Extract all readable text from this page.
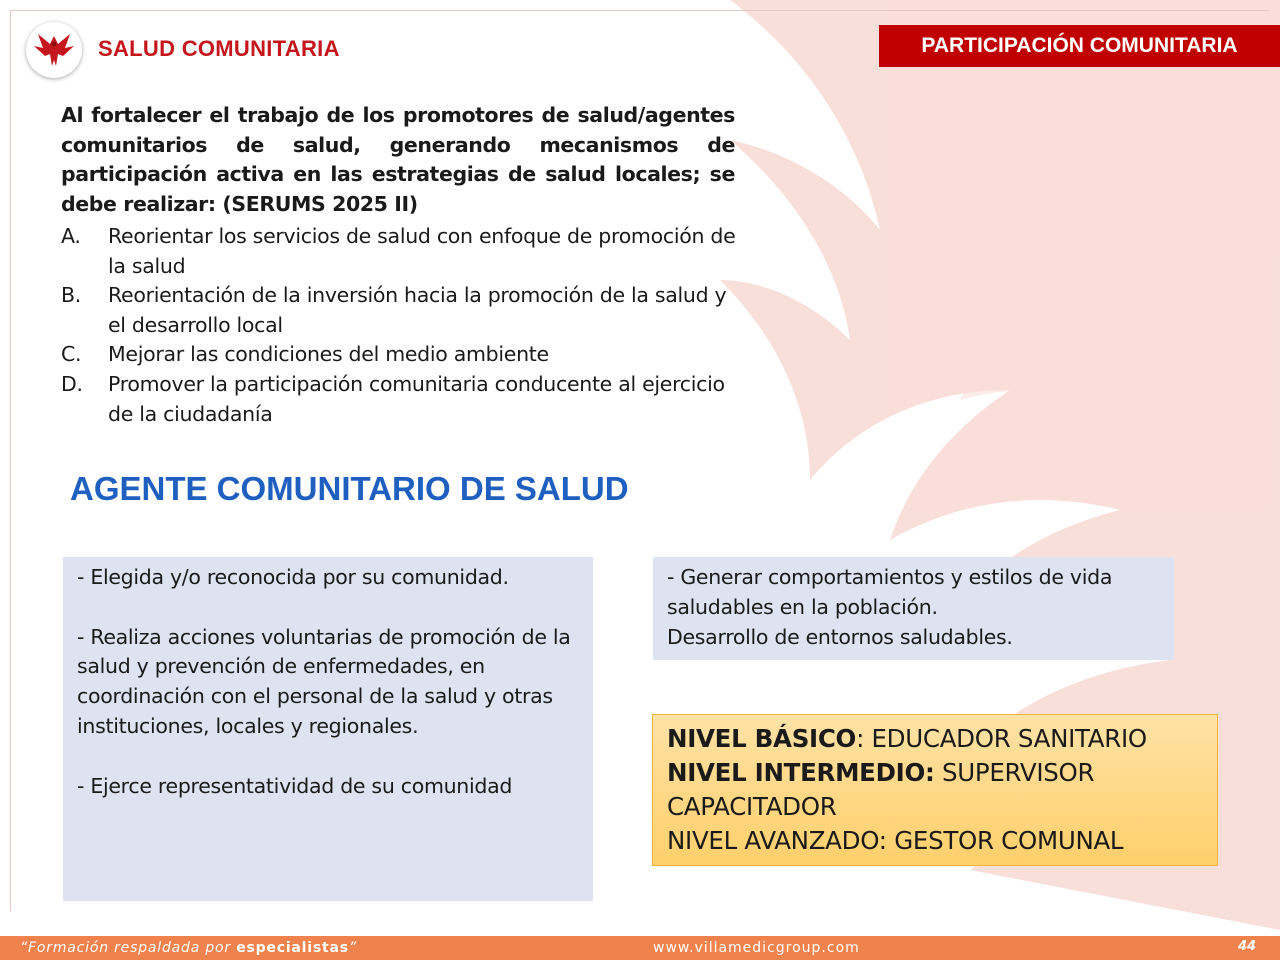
SALUD COMUNITARIA	PARTICIPACIÓN COMUNITARIA
Al fortalecer el trabajo de los promotores de salud/agentes comunitarios de salud, generando mecanismos de participación activa en las estrategias de salud locales; se debe realizar: (SERUMS 2025 II)
A.	Reorientar los servicios de salud con enfoque de promoción de la salud
B.	Reorientación de la inversión hacia la promoción de la salud y el desarrollo local
C.	Mejorar las condiciones del medio ambiente
D.	Promover la participación comunitaria conducente al ejercicio de la ciudadanía
AGENTE COMUNITARIO DE SALUD

- Elegida y/o reconocida por su comunidad.

- Realiza acciones voluntarias de promoción de la salud y prevención de enfermedades, en coordinación con el personal de la salud y otras instituciones, locales y regionales.

- Ejerce representatividad de su comunidad

- Generar comportamientos y estilos de vida saludables en la población.
Desarrollo de entornos saludables.
NIVEL BÁSICO: EDUCADOR SANITARIO
NIVEL INTERMEDIO: SUPERVISOR CAPACITADOR
NIVEL AVANZADO: GESTOR COMUNAL
“Formación respaldada por especialistas”	www.villamedicgroup.com	44
